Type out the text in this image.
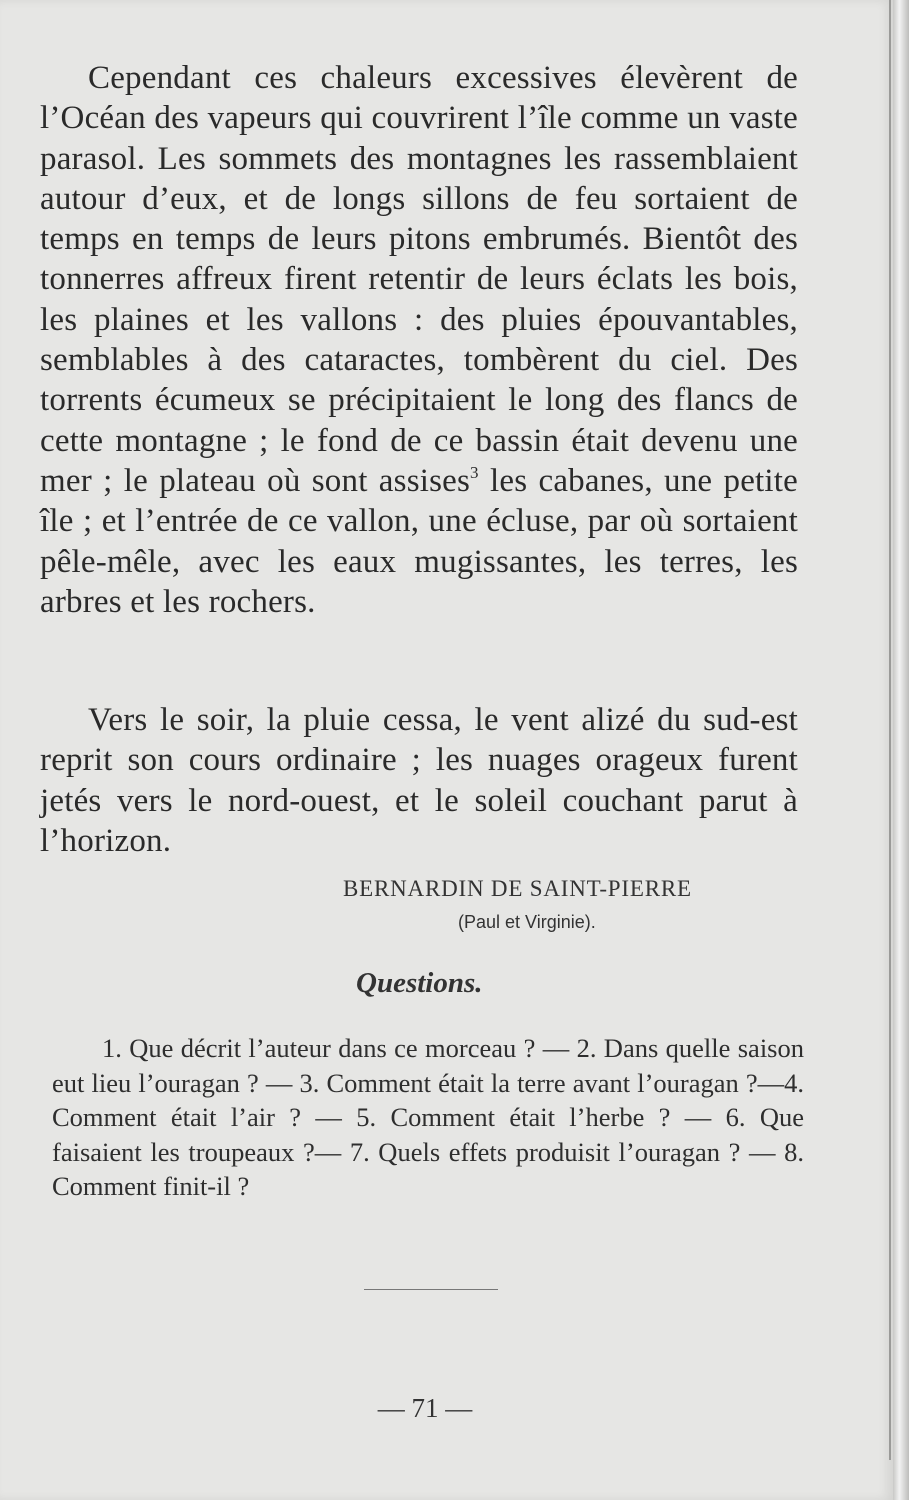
Cependant ces chaleurs excessives élevèrent de l’Océan des vapeurs qui couvrirent l’île comme un vaste parasol. Les sommets des montagnes les rassemblaient autour d’eux, et de longs sillons de feu sortaient de temps en temps de leurs pitons embrumés. Bientôt des tonnerres affreux firent retentir de leurs éclats les bois, les plaines et les vallons : des pluies épouvantables, semblables à des cataractes, tombèrent du ciel. Des torrents écumeux se précipitaient le long des flancs de cette montagne ; le fond de ce bassin était devenu une mer ; le plateau où sont assises$^3$ les cabanes, une petite île ; et l’entrée de ce vallon, une écluse, par où sortaient pêle-mêle, avec les eaux mugissantes, les terres, les arbres et les rochers.

Vers le soir, la pluie cessa, le vent alizé du sud-est reprit son cours ordinaire ; les nuages orageux furent jetés vers le nord-ouest, et le soleil couchant parut à l’horizon.

BERNARDIN DE SAINT-PIERRE
(Paul et Virginie).
Questions.

1. Que décrit l’auteur dans ce morceau ? — 2. Dans quelle saison eut lieu l’ouragan ? — 3. Comment était la terre avant l’ouragan ?—4. Comment était l’air ? — 5. Comment était l’herbe ? — 6. Que faisaient les troupeaux ?— 7. Quels effets produisit l’ouragan ? — 8. Comment finit-il ?

— 71 —
